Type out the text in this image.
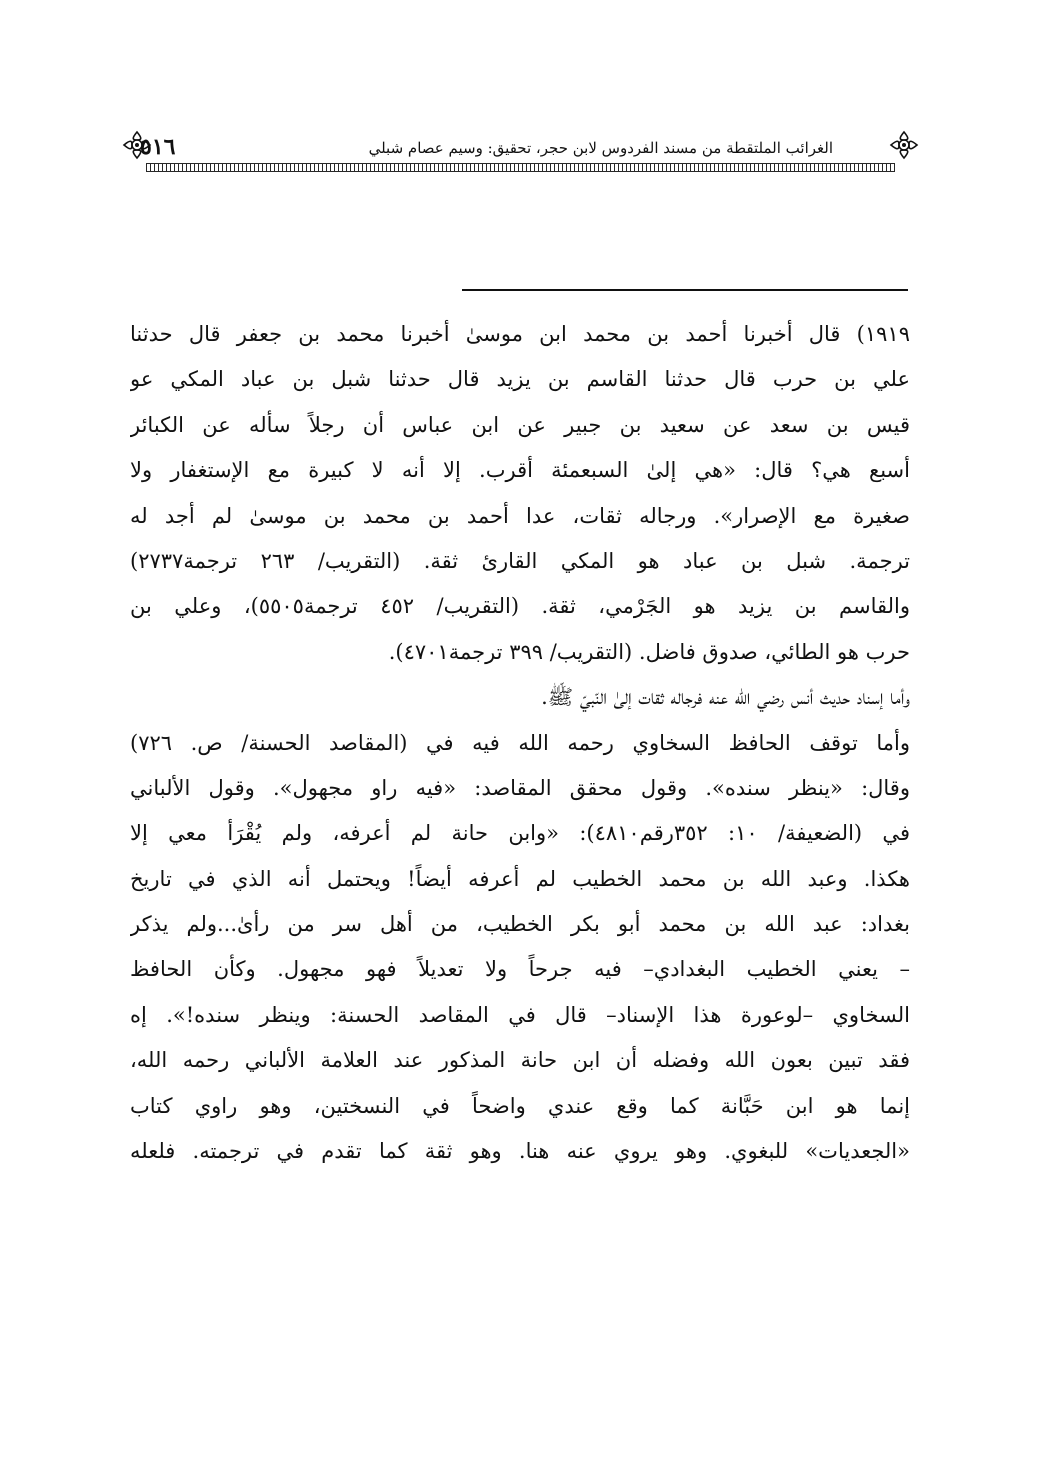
٥١٦	الغرائب الملتقطة من مسند الفردوس لابن حجر، تحقيق: وسيم عصام شبلي
١٩١٩) قال أخبرنا أحمد بن محمد ابن موسىٰ أخبرنا محمد بن جعفر قال حدثنا
علي بن حرب قال حدثنا القاسم بن يزيد قال حدثنا شبل بن عباد المكي عو
قيس بن سعد عن سعيد بن جبير عن ابن عباس أن رجلاً سأله عن الكبائر
أسبع هي؟ قال: «هي إلىٰ السبعمئة أقرب. إلا أنه لا كبيرة مع الإستغفار ولا
صغيرة مع الإصرار». ورجاله ثقات، عدا أحمد بن محمد بن موسىٰ لم أجد له
ترجمة. شبل بن عباد هو المكي القارئ ثقة. (التقريب/ ٢٦٣ ترجمة٢٧٣٧)
والقاسم بن يزيد هو الجَرْمي، ثقة. (التقريب/ ٤٥٢ ترجمة٥٥٠٥)، وعلي بن
حرب هو الطائي، صدوق فاضل. (التقريب/ ٣٩٩ ترجمة٤٧٠١).
وأما إسناد حديث أنس رضي الله عنه فرجاله ثقات إلىٰ النّبيّ ﷺ.
وأما توقف الحافظ السخاوي رحمه الله فيه في (المقاصد الحسنة/ ص. ٧٢٦)
وقال: «ينظر سنده». وقول محقق المقاصد: «فيه راو مجهول». وقول الألباني
في (الضعيفة/ ١٠: ٣٥٢رقم٤٨١٠): «وابن حانة لم أعرفه، ولم يُقْرَأ معي إلا
هكذا. وعبد الله بن محمد الخطيب لم أعرفه أيضاً! ويحتمل أنه الذي في تاريخ
بغداد: عبد الله بن محمد أبو بكر الخطيب، من أهل سر من رأىٰ...ولم يذكر
– يعني الخطيب البغدادي– فيه جرحاً ولا تعديلاً فهو مجهول. وكأن الحافظ
السخاوي –لوعورة هذا الإسناد– قال في المقاصد الحسنة: وينظر سنده!». إه
فقد تبين بعون الله وفضله أن ابن حانة المذكور عند العلامة الألباني رحمه الله،
إنما هو ابن حَبَّانة كما وقع عندي واضحاً في النسختين، وهو راوي كتاب
«الجعديات» للبغوي. وهو يروي عنه هنا. وهو ثقة كما تقدم في ترجمته. فلعله
